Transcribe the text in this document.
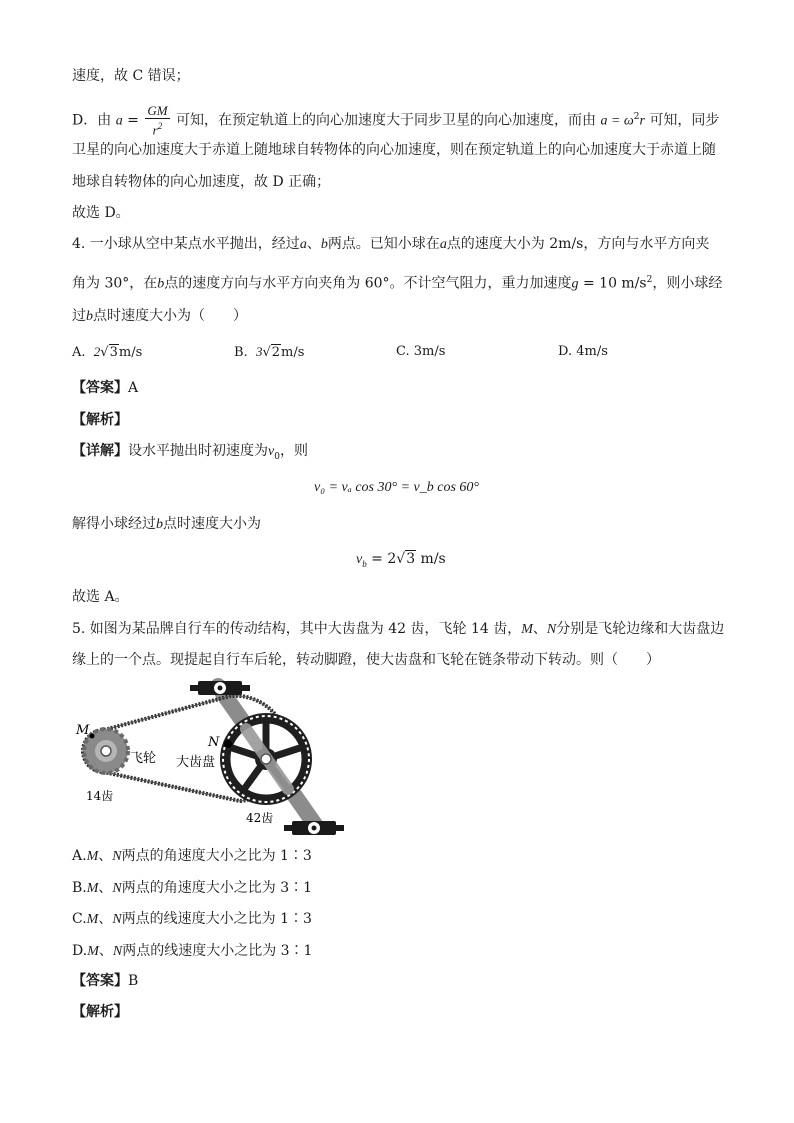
速度，故 C 错误；
D．由 $a = \frac{GM}{r^2}$ 可知，在预定轨道上的向心加速度大于同步卫星的向心加速度，而由 $a = \omega^2r$ 可知，同步
卫星的向心加速度大于赤道上随地球自转物体的向心加速度，则在预定轨道上的向心加速度大于赤道上随
地球自转物体的向心加速度，故 D 正确；
故选 D。
4. 一小球从空中某点水平抛出，经过a、b两点。已知小球在a点的速度大小为 2m/s，方向与水平方向夹
角为 30°，在b点的速度方向与水平方向夹角为 60°。不计空气阻力，重力加速度g = 10 $m/s^2$，则小球经
过b点时速度大小为（　　）
A. 2√3m/s	B. 3√2m/s	C. 3m/s	D. 4m/s
【答案】A
【解析】
【详解】设水平抛出时初速度为$v_0$，则
v₀ = vₐ cos 30° = v_b cos 60°
解得小球经过b点时速度大小为
$v_b = 2√3$ m/s
故选 A。
5. 如图为某品牌自行车的传动结构，其中大齿盘为 42 齿，飞轮 14 齿，M、N分别是飞轮边缘和大齿盘边
缘上的一个点。现提起自行车后轮，转动脚蹬，使大齿盘和飞轮在链条带动下转动。则（　　）
M
N
飞轮 大齿盘
14齿
42齿
A.M、N两点的角速度大小之比为 1∶3
B.M、N两点的角速度大小之比为 3∶1
C.M、N两点的线速度大小之比为 1∶3
D.M、N两点的线速度大小之比为 3∶1
【答案】B
【解析】
